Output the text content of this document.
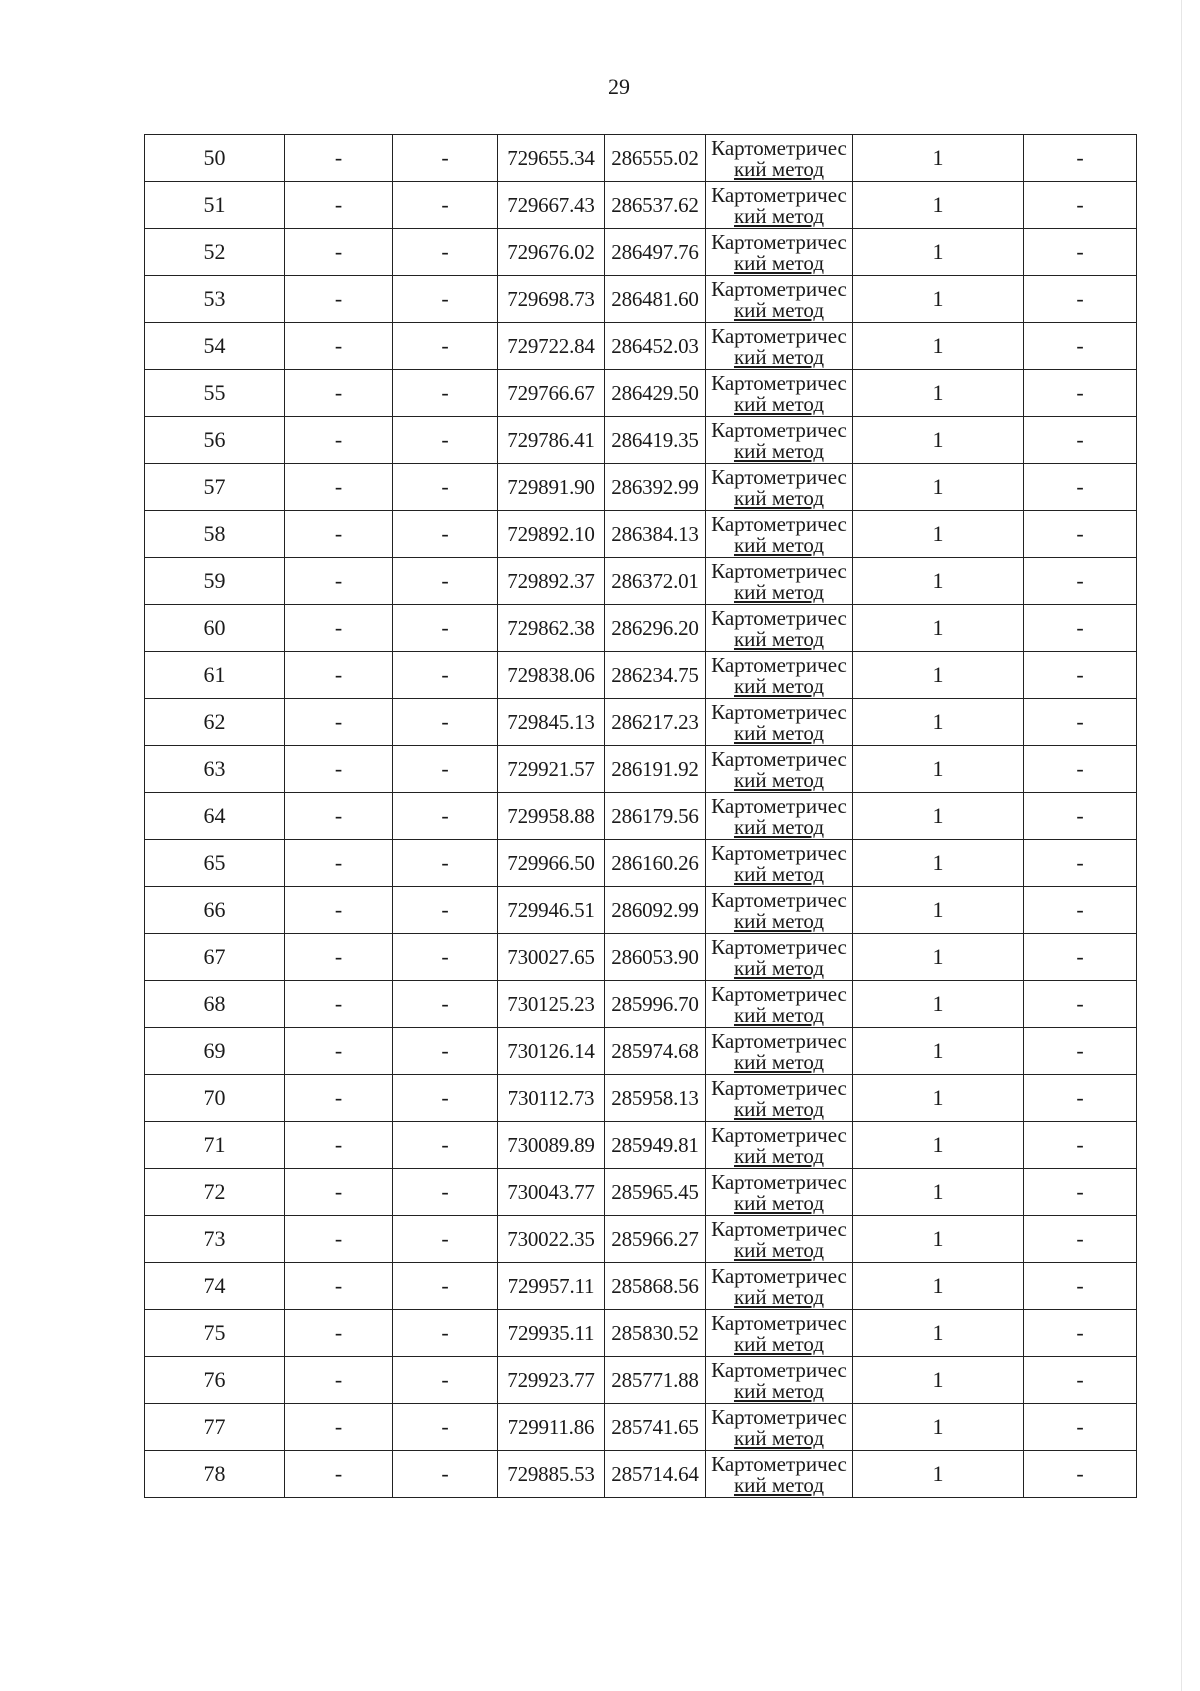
29
50	-	-	729655.34	286555.02	Картометричес
кий метод	1	-
51	-	-	729667.43	286537.62	Картометричес
кий метод	1	-
52	-	-	729676.02	286497.76	Картометричес
кий метод	1	-
53	-	-	729698.73	286481.60	Картометричес
кий метод	1	-
54	-	-	729722.84	286452.03	Картометричес
кий метод	1	-
55	-	-	729766.67	286429.50	Картометричес
кий метод	1	-
56	-	-	729786.41	286419.35	Картометричес
кий метод	1	-
57	-	-	729891.90	286392.99	Картометричес
кий метод	1	-
58	-	-	729892.10	286384.13	Картометричес
кий метод	1	-
59	-	-	729892.37	286372.01	Картометричес
кий метод	1	-
60	-	-	729862.38	286296.20	Картометричес
кий метод	1	-
61	-	-	729838.06	286234.75	Картометричес
кий метод	1	-
62	-	-	729845.13	286217.23	Картометричес
кий метод	1	-
63	-	-	729921.57	286191.92	Картометричес
кий метод	1	-
64	-	-	729958.88	286179.56	Картометричес
кий метод	1	-
65	-	-	729966.50	286160.26	Картометричес
кий метод	1	-
66	-	-	729946.51	286092.99	Картометричес
кий метод	1	-
67	-	-	730027.65	286053.90	Картометричес
кий метод	1	-
68	-	-	730125.23	285996.70	Картометричес
кий метод	1	-
69	-	-	730126.14	285974.68	Картометричес
кий метод	1	-
70	-	-	730112.73	285958.13	Картометричес
кий метод	1	-
71	-	-	730089.89	285949.81	Картометричес
кий метод	1	-
72	-	-	730043.77	285965.45	Картометричес
кий метод	1	-
73	-	-	730022.35	285966.27	Картометричес
кий метод	1	-
74	-	-	729957.11	285868.56	Картометричес
кий метод	1	-
75	-	-	729935.11	285830.52	Картометричес
кий метод	1	-
76	-	-	729923.77	285771.88	Картометричес
кий метод	1	-
77	-	-	729911.86	285741.65	Картометричес
кий метод	1	-
78	-	-	729885.53	285714.64	Картометричес
кий метод	1	-
